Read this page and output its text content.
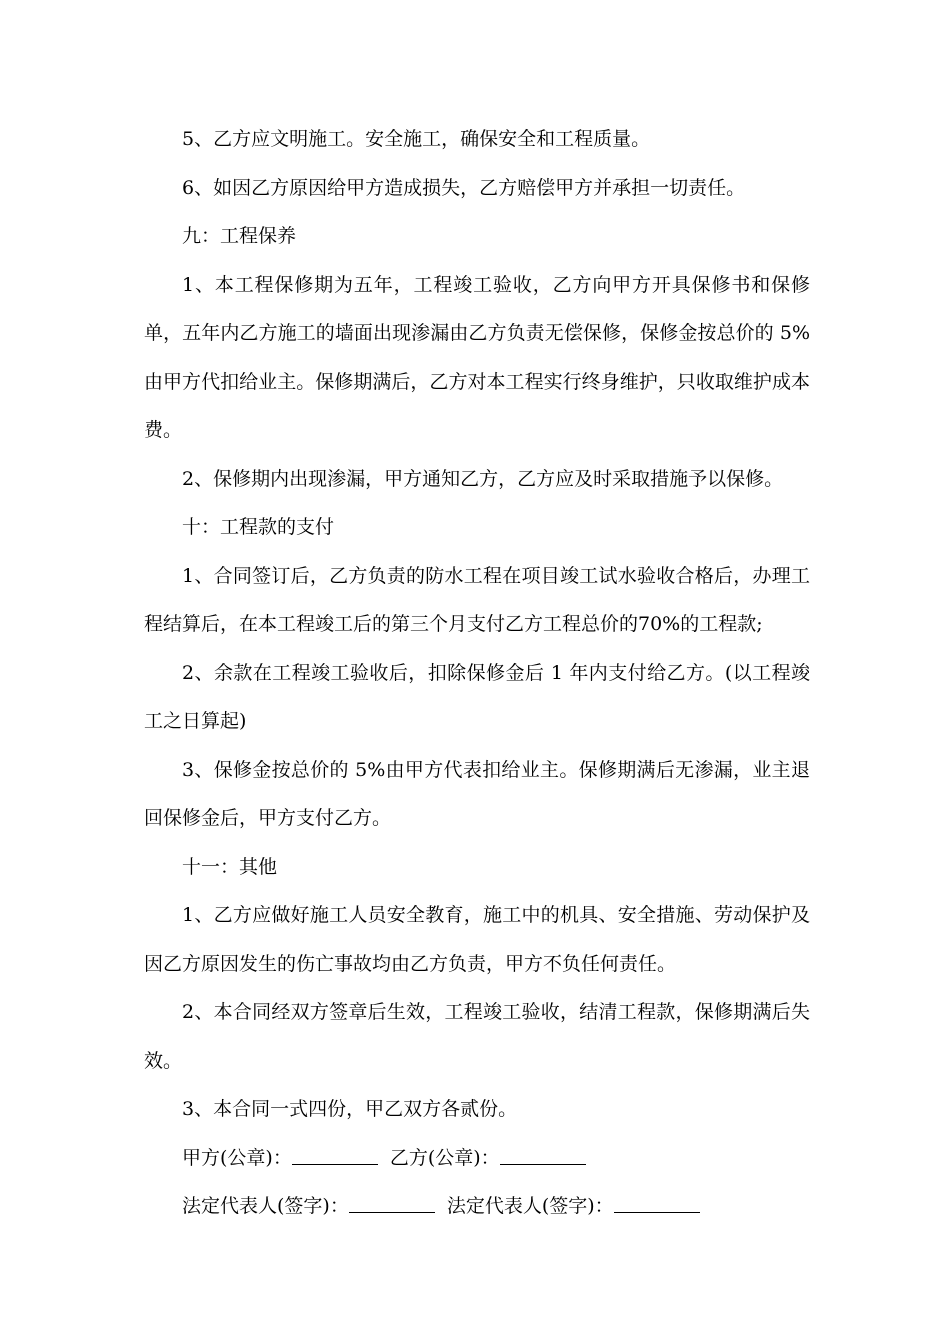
5、乙方应文明施工。安全施工，确保安全和工程质量。

6、如因乙方原因给甲方造成损失，乙方赔偿甲方并承担一切责任。

九：工程保养

1、本工程保修期为五年，工程竣工验收，乙方向甲方开具保修书和保修单，五年内乙方施工的墙面出现渗漏由乙方负责无偿保修，保修金按总价的 5%由甲方代扣给业主。保修期满后，乙方对本工程实行终身维护，只收取维护成本费。

2、保修期内出现渗漏，甲方通知乙方，乙方应及时采取措施予以保修。

十：工程款的支付

1、合同签订后，乙方负责的防水工程在项目竣工试水验收合格后，办理工程结算后，在本工程竣工后的第三个月支付乙方工程总价的70%的工程款;

2、余款在工程竣工验收后，扣除保修金后 1 年内支付给乙方。(以工程竣工之日算起)

3、保修金按总价的 5%由甲方代表扣给业主。保修期满后无渗漏，业主退回保修金后，甲方支付乙方。

十一：其他

1、乙方应做好施工人员安全教育，施工中的机具、安全措施、劳动保护及因乙方原因发生的伤亡事故均由乙方负责，甲方不负任何责任。

2、本合同经双方签章后生效，工程竣工验收，结清工程款，保修期满后失效。

3、本合同一式四份，甲乙双方各贰份。

甲方(公章)：	乙方(公章)：

法定代表人(签字)：	法定代表人(签字)：
